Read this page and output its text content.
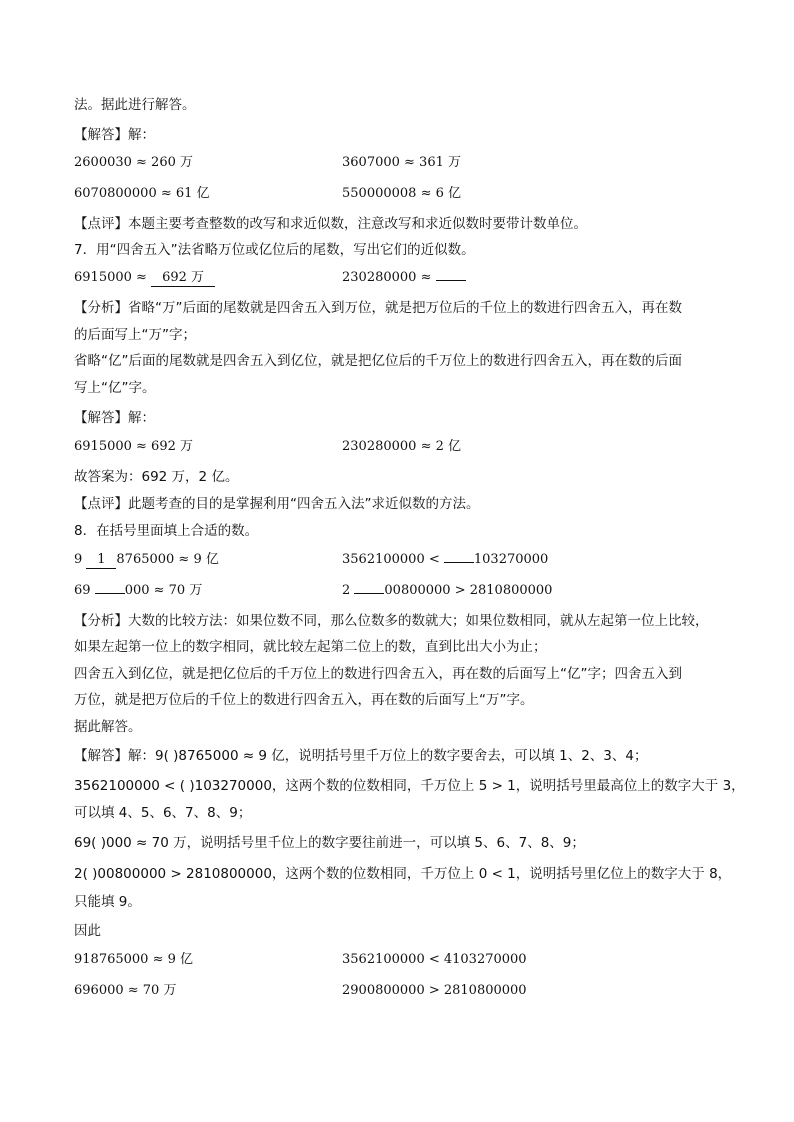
法。据此进行解答。
【解答】解：
2600030 ≈ 260 万	3607000 ≈ 361 万
6070800000 ≈ 61 亿	550000008 ≈ 6 亿
【点评】本题主要考查整数的改写和求近似数，注意改写和求近似数时要带计数单位。
7．用“四舍五入”法省略万位或亿位后的尾数，写出它们的近似数。
6915000 ≈ 692 万	230280000 ≈
【分析】省略“万”后面的尾数就是四舍五入到万位，就是把万位后的千位上的数进行四舍五入，再在数
的后面写上“万”字；
省略“亿”后面的尾数就是四舍五入到亿位，就是把亿位后的千万位上的数进行四舍五入，再在数的后面
写上“亿”字。
【解答】解：
6915000 ≈ 692 万	230280000 ≈ 2 亿
故答案为：692 万，2 亿。
【点评】此题考查的目的是掌握利用“四舍五入法”求近似数的方法。
8．在括号里面填上合适的数。
9 1 8765000 ≈ 9 亿	3562100000 < 103270000
69 000 ≈ 70 万	2 00800000 > 2810800000
【分析】大数的比较方法：如果位数不同，那么位数多的数就大；如果位数相同，就从左起第一位上比较，
如果左起第一位上的数字相同，就比较左起第二位上的数，直到比出大小为止；
四舍五入到亿位，就是把亿位后的千万位上的数进行四舍五入，再在数的后面写上“亿”字；四舍五入到
万位，就是把万位后的千位上的数进行四舍五入，再在数的后面写上“万”字。
据此解答。
【解答】解：9( )8765000 ≈ 9 亿，说明括号里千万位上的数字要舍去，可以填 1、2、3、4；
3562100000 < ( )103270000，这两个数的位数相同，千万位上 5 > 1，说明括号里最高位上的数字大于 3，
可以填 4、5、6、7、8、9；
69( )000 ≈ 70 万，说明括号里千位上的数字要往前进一，可以填 5、6、7、8、9；
2( )00800000 > 2810800000，这两个数的位数相同，千万位上 0 < 1，说明括号里亿位上的数字大于 8，
只能填 9。
因此
918765000 ≈ 9 亿	3562100000 < 4103270000
696000 ≈ 70 万	2900800000 > 2810800000
